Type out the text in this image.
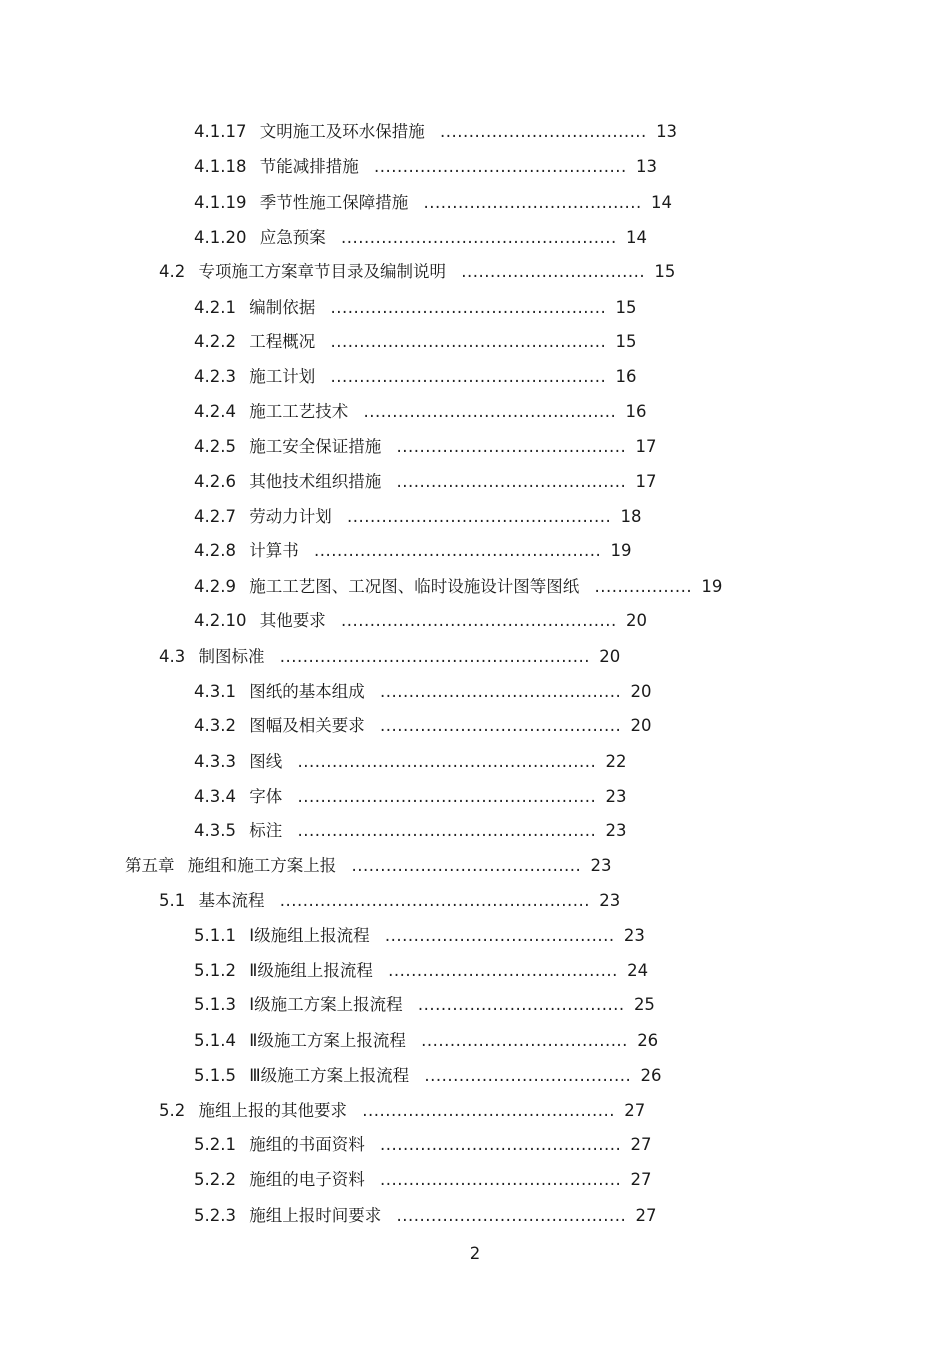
4.1.17 文明施工及环水保措施 .................................... 13
4.1.18 节能减排措施 ............................................ 13
4.1.19 季节性施工保障措施 ...................................... 14
4.1.20 应急预案 ................................................ 14
4.2 专项施工方案章节目录及编制说明 ................................ 15
4.2.1 编制依据 ................................................ 15
4.2.2 工程概况 ................................................ 15
4.2.3 施工计划 ................................................ 16
4.2.4 施工工艺技术 ............................................ 16
4.2.5 施工安全保证措施 ........................................ 17
4.2.6 其他技术组织措施 ........................................ 17
4.2.7 劳动力计划 .............................................. 18
4.2.8 计算书 .................................................. 19
4.2.9 施工工艺图、工况图、临时设施设计图等图纸 ................. 19
4.2.10 其他要求 ................................................ 20
4.3 制图标准 ...................................................... 20
4.3.1 图纸的基本组成 .......................................... 20
4.3.2 图幅及相关要求 .......................................... 20
4.3.3 图线 .................................................... 22
4.3.4 字体 .................................................... 23
4.3.5 标注 .................................................... 23
第五章 施组和施工方案上报 ........................................ 23
5.1 基本流程 ...................................................... 23
5.1.1 Ⅰ级施组上报流程 ........................................ 23
5.1.2 Ⅱ级施组上报流程 ........................................ 24
5.1.3 Ⅰ级施工方案上报流程 .................................... 25
5.1.4 Ⅱ级施工方案上报流程 .................................... 26
5.1.5 Ⅲ级施工方案上报流程 .................................... 26
5.2 施组上报的其他要求 ............................................ 27
5.2.1 施组的书面资料 .......................................... 27
5.2.2 施组的电子资料 .......................................... 27
5.2.3 施组上报时间要求 ........................................ 27
2
